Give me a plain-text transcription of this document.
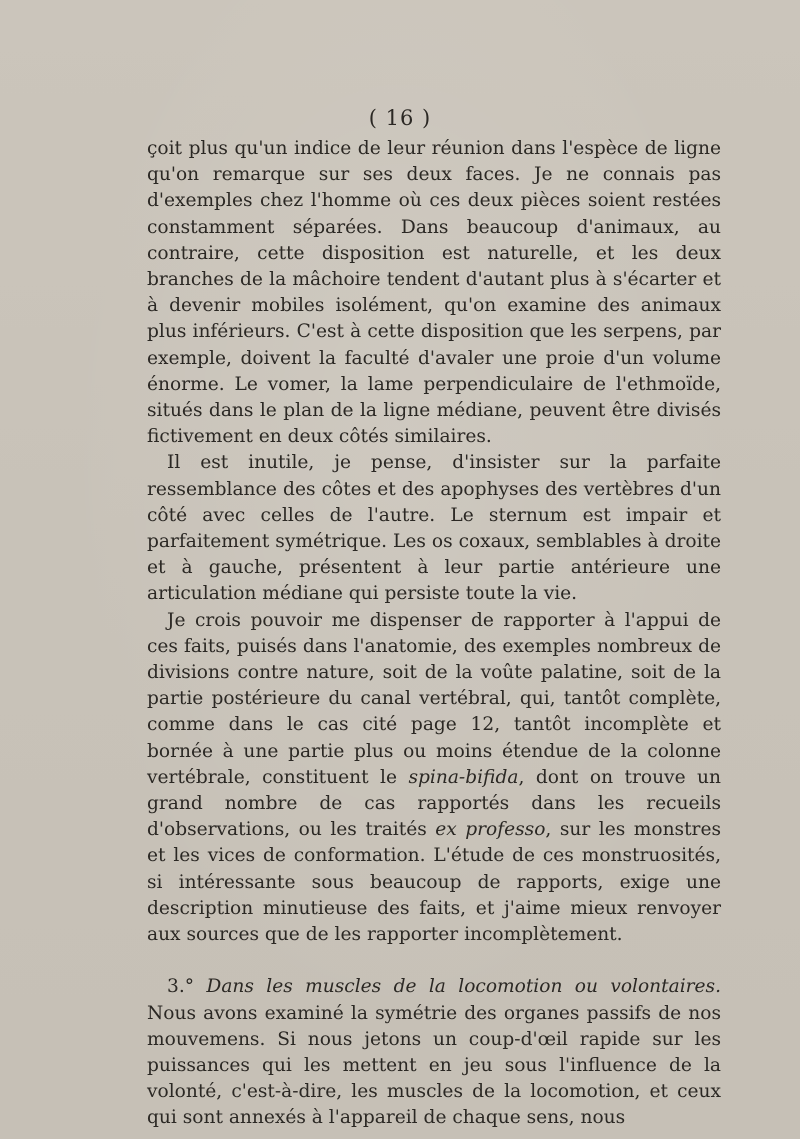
( 16 )

çoit plus qu'un indice de leur réunion dans l'espèce de ligne qu'on remarque sur ses deux faces. Je ne connais pas d'exemples chez l'homme où ces deux pièces soient restées constamment séparées. Dans beaucoup d'animaux, au contraire, cette disposition est naturelle, et les deux branches de la mâchoire tendent d'autant plus à s'écarter et à devenir mobiles isolément, qu'on examine des animaux plus inférieurs. C'est à cette disposition que les serpens, par exemple, doivent la faculté d'avaler une proie d'un volume énorme. Le vomer, la lame perpendiculaire de l'ethmoïde, situés dans le plan de la ligne médiane, peuvent être divisés fictivement en deux côtés similaires.

Il est inutile, je pense, d'insister sur la parfaite ressemblance des côtes et des apophyses des vertèbres d'un côté avec celles de l'autre. Le sternum est impair et parfaitement symétrique. Les os coxaux, semblables à droite et à gauche, présentent à leur partie antérieure une articulation médiane qui persiste toute la vie.

Je crois pouvoir me dispenser de rapporter à l'appui de ces faits, puisés dans l'anatomie, des exemples nombreux de divisions contre nature, soit de la voûte palatine, soit de la partie postérieure du canal vertébral, qui, tantôt complète, comme dans le cas cité page 12, tantôt incomplète et bornée à une partie plus ou moins étendue de la colonne vertébrale, constituent le spina-bifida, dont on trouve un grand nombre de cas rapportés dans les recueils d'observations, ou les traités ex professo, sur les monstres et les vices de conformation. L'étude de ces monstruosités, si intéressante sous beaucoup de rapports, exige une description minutieuse des faits, et j'aime mieux renvoyer aux sources que de les rapporter incomplètement.

3.° Dans les muscles de la locomotion ou volontaires. Nous avons examiné la symétrie des organes passifs de nos mouvemens. Si nous jetons un coup-d'œil rapide sur les puissances qui les mettent en jeu sous l'influence de la volonté, c'est-à-dire, les muscles de la locomotion, et ceux qui sont annexés à l'appareil de chaque sens, nous
